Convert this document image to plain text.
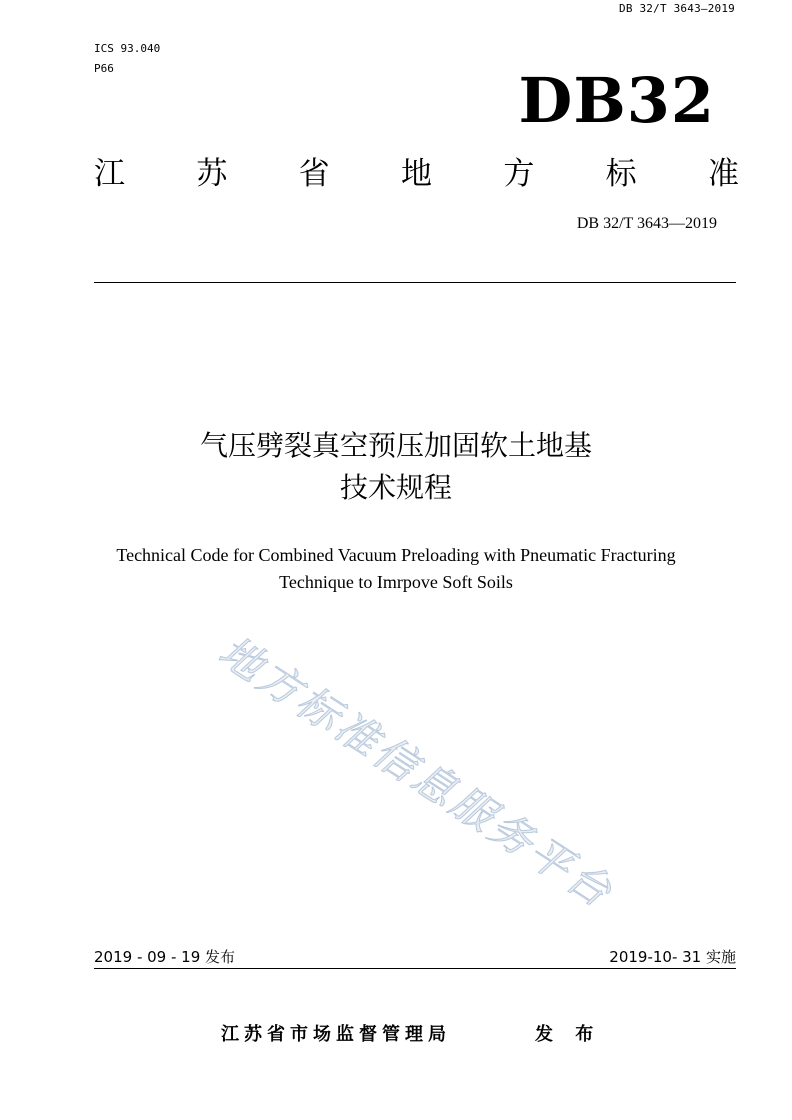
DB 32/T 3643—2019
ICS 93.040
P66	DB32
江 苏 省 地 方 标 准
DB 32/T 3643—2019
气压劈裂真空预压加固软土地基
技术规程
Technical Code for Combined Vacuum Preloading with Pneumatic Fracturing
Technique to Imrpove Soft Soils
地方标准信息服务平台
2019 - 09 - 19 发布	2019-10- 31 实施
江苏省市场监督管理局	发 布
